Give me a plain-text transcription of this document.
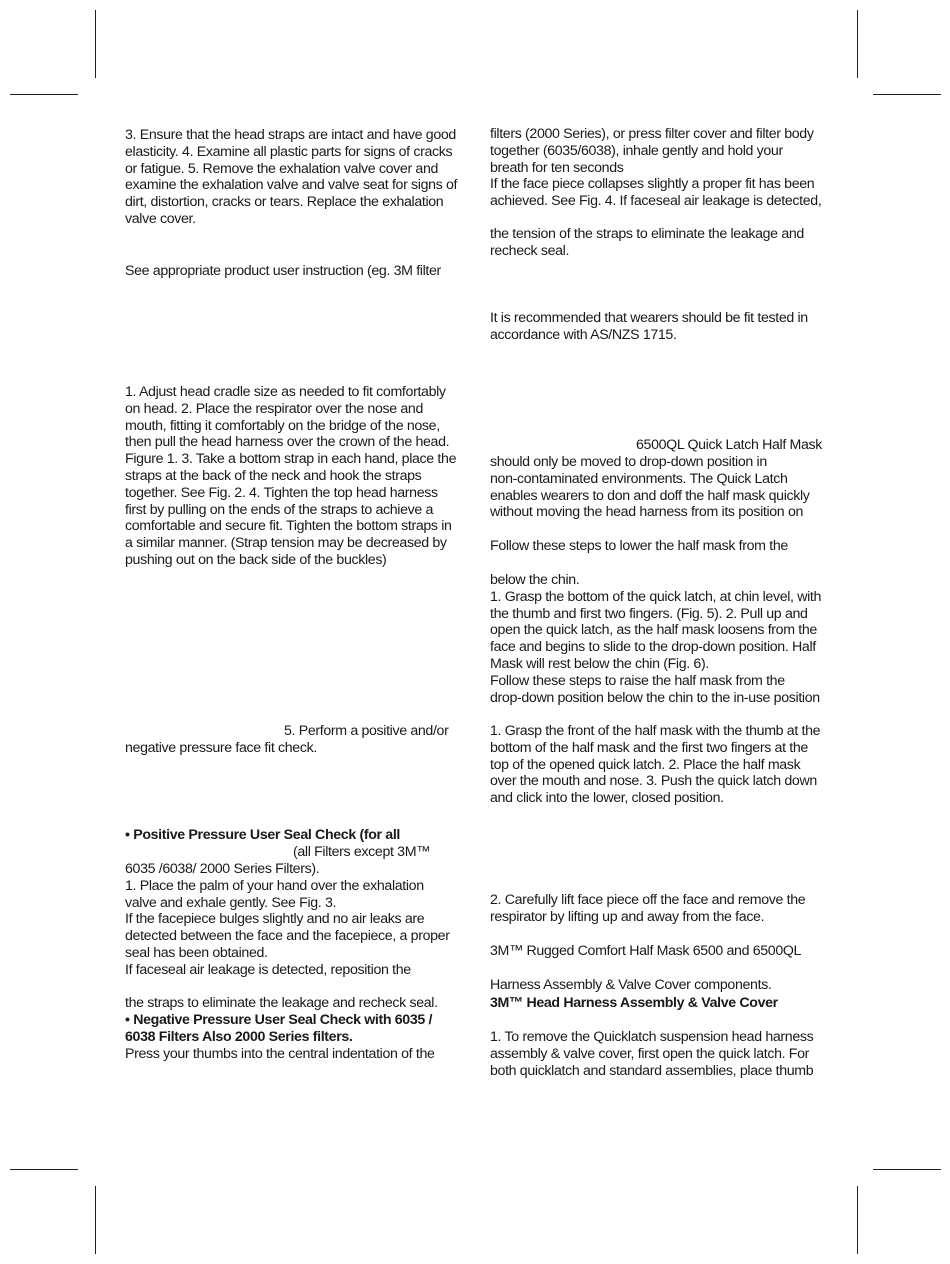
3. Ensure that the head straps are intact and have good
elasticity. 4. Examine all plastic parts for signs of cracks
or fatigue. 5. Remove the exhalation valve cover and
examine the exhalation valve and valve seat for signs of
dirt, distortion, cracks or tears. Replace the exhalation
valve cover.
See appropriate product user instruction (eg. 3M filter
1. Adjust head cradle size as needed to fit comfortably
on head. 2. Place the respirator over the nose and
mouth, fitting it comfortably on the bridge of the nose,
then pull the head harness over the crown of the head.
Figure 1. 3. Take a bottom strap in each hand, place the
straps at the back of the neck and hook the straps
together. See Fig. 2. 4. Tighten the top head harness
first by pulling on the ends of the straps to achieve a
comfortable and secure fit. Tighten the bottom straps in
a similar manner. (Strap tension may be decreased by
pushing out on the back side of the buckles)
5. Perform a positive and/or
negative pressure face fit check.
• Positive Pressure User Seal Check (for all
(all Filters except 3M™
6035 /6038/ 2000 Series Filters).
1. Place the palm of your hand over the exhalation
valve and exhale gently. See Fig. 3.
If the facepiece bulges slightly and no air leaks are
detected between the face and the facepiece, a proper
seal has been obtained.
If faceseal air leakage is detected, reposition the
the straps to eliminate the leakage and recheck seal.
• Negative Pressure User Seal Check with 6035 /
6038 Filters Also 2000 Series filters.
Press your thumbs into the central indentation of the
filters (2000 Series), or press filter cover and filter body
together (6035/6038), inhale gently and hold your
breath for ten seconds
If the face piece collapses slightly a proper fit has been
achieved. See Fig. 4. If faceseal air leakage is detected,
the tension of the straps to eliminate the leakage and
recheck seal.
It is recommended that wearers should be fit tested in
accordance with AS/NZS 1715.
6500QL Quick Latch Half Mask
should only be moved to drop-down position in
non-contaminated environments. The Quick Latch
enables wearers to don and doff the half mask quickly
without moving the head harness from its position on
Follow these steps to lower the half mask from the
below the chin.
1. Grasp the bottom of the quick latch, at chin level, with
the thumb and first two fingers. (Fig. 5). 2. Pull up and
open the quick latch, as the half mask loosens from the
face and begins to slide to the drop-down position. Half
Mask will rest below the chin (Fig. 6).
Follow these steps to raise the half mask from the
drop-down position below the chin to the in-use position
1. Grasp the front of the half mask with the thumb at the
bottom of the half mask and the first two fingers at the
top of the opened quick latch. 2. Place the half mask
over the mouth and nose. 3. Push the quick latch down
and click into the lower, closed position.
2. Carefully lift face piece off the face and remove the
respirator by lifting up and away from the face.
3M™ Rugged Comfort Half Mask 6500 and 6500QL
Harness Assembly & Valve Cover components.
3M™ Head Harness Assembly & Valve Cover
1. To remove the Quicklatch suspension head harness
assembly & valve cover, first open the quick latch. For
both quicklatch and standard assemblies, place thumb
